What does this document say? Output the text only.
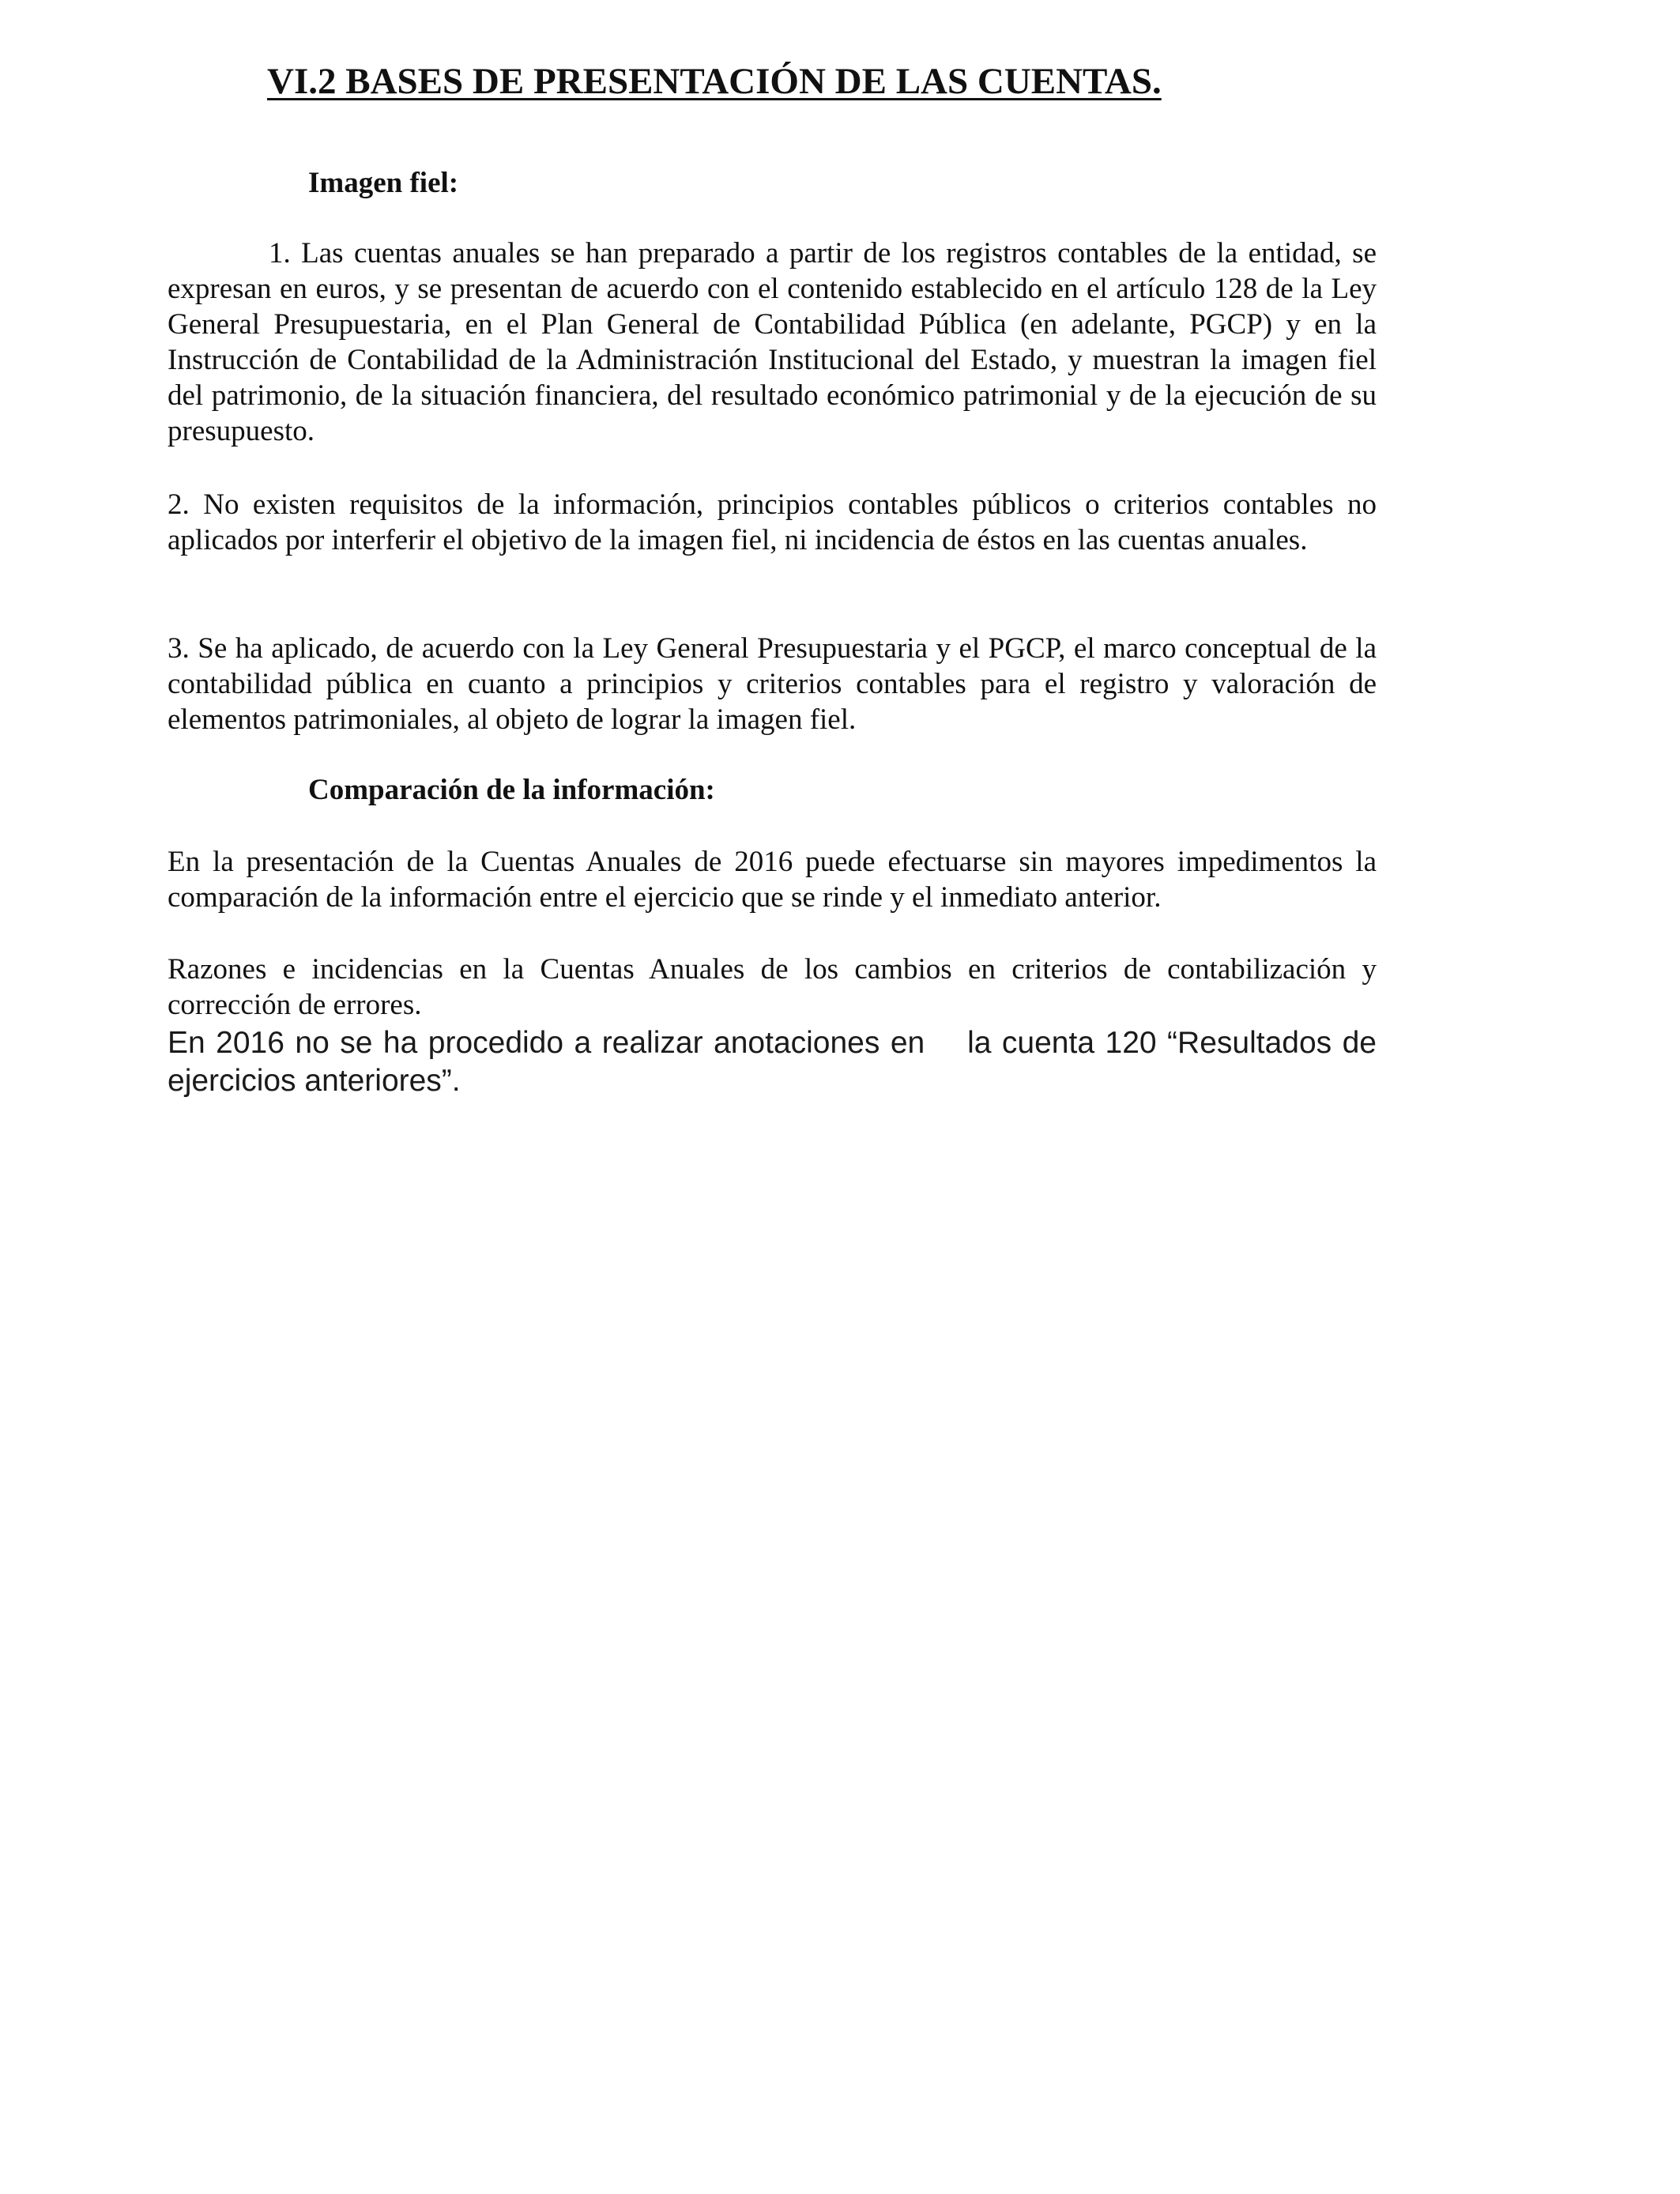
VI.2 BASES DE PRESENTACIÓN DE LAS CUENTAS.
Imagen fiel:
1. Las cuentas anuales se han preparado a partir de los registros contables de la entidad, se expresan en euros, y se presentan de acuerdo con el contenido establecido en el artículo 128 de la Ley General Presupuestaria, en el Plan General de Contabilidad Pública (en adelante, PGCP) y en la Instrucción de Contabilidad de la Administración Institucional del Estado, y muestran la imagen fiel del patrimonio, de la situación financiera, del resultado económico patrimonial y de la ejecución de su presupuesto.
2. No existen requisitos de la información, principios contables públicos o criterios contables no aplicados por interferir el objetivo de la imagen fiel, ni incidencia de éstos en las cuentas anuales.
3. Se ha aplicado, de acuerdo con la Ley General Presupuestaria y el PGCP, el marco conceptual de la contabilidad pública en cuanto a principios y criterios contables para el registro y valoración de elementos patrimoniales, al objeto de lograr la imagen fiel.
Comparación de la información:
En la presentación de la Cuentas Anuales de 2016 puede efectuarse sin mayores impedimentos la comparación de la información entre el ejercicio que se rinde y el inmediato anterior.
Razones e incidencias en la Cuentas Anuales de los cambios en criterios de contabilización y corrección de errores.
En 2016 no se ha procedido a realizar anotaciones en    la cuenta 120 “Resultados de ejercicios anteriores”.
